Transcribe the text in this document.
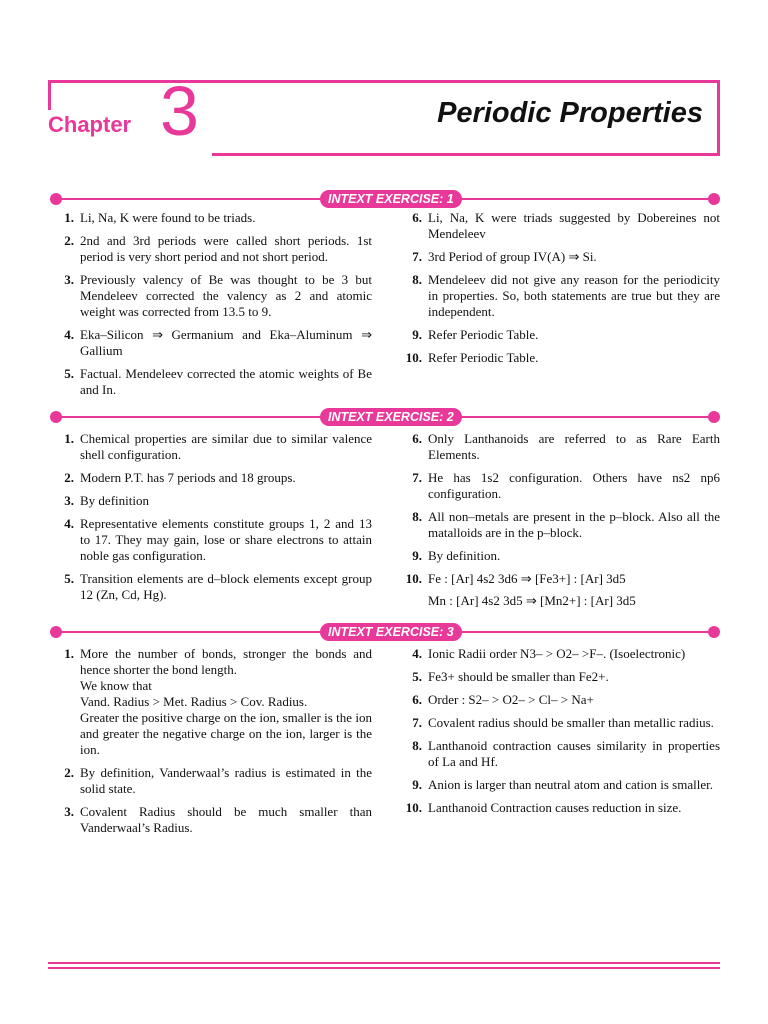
Chapter 3	Periodic Properties
INTEXT EXERCISE: 1
1. Li, Na, K were found to be triads.
2. 2nd and 3rd periods were called short periods. 1st period is very short period and not short period.
3. Previously valency of Be was thought to be 3 but Mendeleev corrected the valency as 2 and atomic weight was corrected from 13.5 to 9.
4. Eka–Silicon ⇒ Germanium and Eka–Aluminum ⇒ Gallium
5. Factual. Mendeleev corrected the atomic weights of Be and In.
6. Li, Na, K were triads suggested by Dobereines not Mendeleev
7. 3rd Period of group IV(A) ⇒ Si.
8. Mendeleev did not give any reason for the periodicity in properties. So, both statements are true but they are independent.
9. Refer Periodic Table.
10. Refer Periodic Table.
INTEXT EXERCISE: 2
1. Chemical properties are similar due to similar valence shell configuration.
2. Modern P.T. has 7 periods and 18 groups.
3. By definition
4. Representative elements constitute groups 1, 2 and 13 to 17. They may gain, lose or share electrons to attain noble gas configuration.
5. Transition elements are d–block elements except group 12 (Zn, Cd, Hg).
6. Only Lanthanoids are referred to as Rare Earth Elements.
7. He has 1s2 configuration. Others have ns2 np6 configuration.
8. All non–metals are present in the p–block. Also all the matalloids are in the p–block.
9. By definition.
10. Fe : [Ar] 4s2 3d6 ⇒ [Fe3+] : [Ar] 3d5
Mn : [Ar] 4s2 3d5 ⇒ [Mn2+] : [Ar] 3d5
INTEXT EXERCISE: 3
1. More the number of bonds, stronger the bonds and hence shorter the bond length.
We know that
Vand. Radius > Met. Radius > Cov. Radius.
Greater the positive charge on the ion, smaller is the ion and greater the negative charge on the ion, larger is the ion.
2. By definition, Vanderwaal’s radius is estimated in the solid state.
3. Covalent Radius should be much smaller than Vanderwaal’s Radius.
4. Ionic Radii order N3– > O2– >F–. (Isoelectronic)
5. Fe3+ should be smaller than Fe2+.
6. Order : S2– > O2– > Cl– > Na+
7. Covalent radius should be smaller than metallic radius.
8. Lanthanoid contraction causes similarity in properties of La and Hf.
9. Anion is larger than neutral atom and cation is smaller.
10. Lanthanoid Contraction causes reduction in size.
